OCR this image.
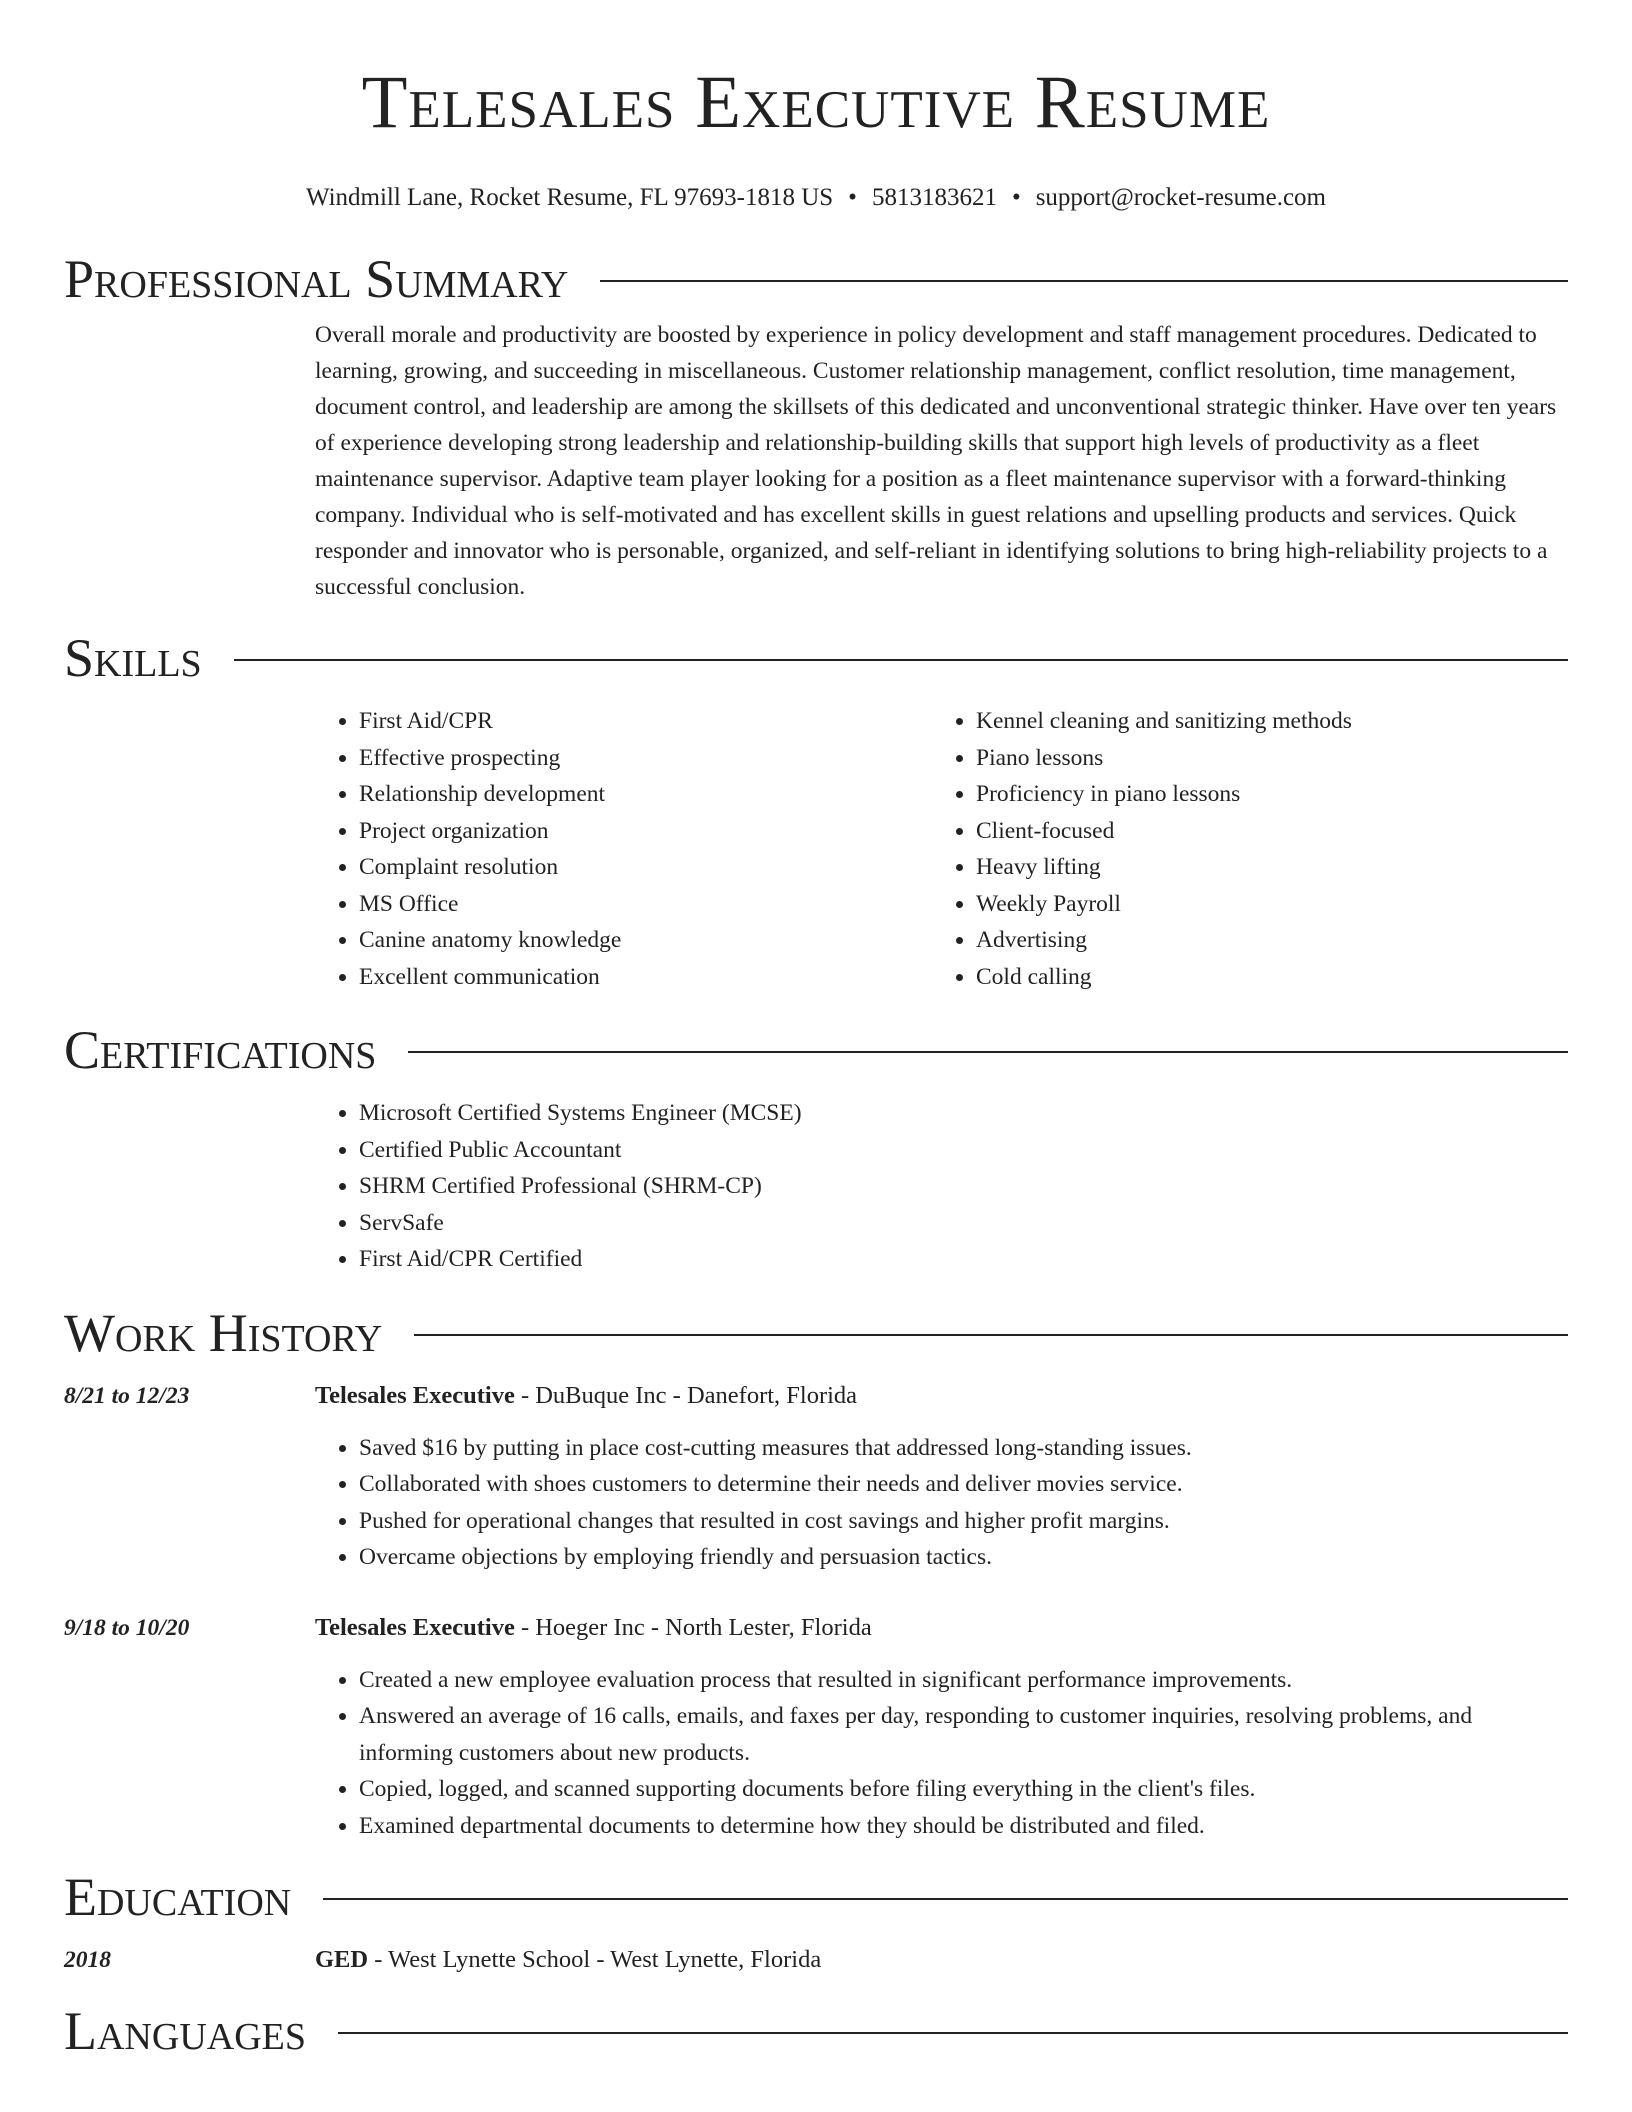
Telesales Executive Resume
Windmill Lane, Rocket Resume, FL 97693-1818 US • 5813183621 • support@rocket-resume.com
Professional Summary

Overall morale and productivity are boosted by experience in policy development and staff management procedures. Dedicated to learning, growing, and succeeding in miscellaneous. Customer relationship management, conflict resolution, time management, document control, and leadership are among the skillsets of this dedicated and unconventional strategic thinker. Have over ten years of experience developing strong leadership and relationship-building skills that support high levels of productivity as a fleet maintenance supervisor. Adaptive team player looking for a position as a fleet maintenance supervisor with a forward-thinking company. Individual who is self-motivated and has excellent skills in guest relations and upselling products and services. Quick responder and innovator who is personable, organized, and self-reliant in identifying solutions to bring high-reliability projects to a successful conclusion.

Skills
• First Aid/CPR
• Effective prospecting
• Relationship development
• Project organization
• Complaint resolution
• MS Office
• Canine anatomy knowledge
• Excellent communication
• Kennel cleaning and sanitizing methods
• Piano lessons
• Proficiency in piano lessons
• Client-focused
• Heavy lifting
• Weekly Payroll
• Advertising
• Cold calling
Certifications
• Microsoft Certified Systems Engineer (MCSE)
• Certified Public Accountant
• SHRM Certified Professional (SHRM-CP)
• ServSafe
• First Aid/CPR Certified
Work History
8/21 to 12/23	Telesales Executive - DuBuque Inc - Danefort, Florida
• Saved $16 by putting in place cost-cutting measures that addressed long-standing issues.
• Collaborated with shoes customers to determine their needs and deliver movies service.
• Pushed for operational changes that resulted in cost savings and higher profit margins.
• Overcame objections by employing friendly and persuasion tactics.
9/18 to 10/20	Telesales Executive - Hoeger Inc - North Lester, Florida
• Created a new employee evaluation process that resulted in significant performance improvements.
• Answered an average of 16 calls, emails, and faxes per day, responding to customer inquiries, resolving problems, and informing customers about new products.
• Copied, logged, and scanned supporting documents before filing everything in the client's files.
• Examined departmental documents to determine how they should be distributed and filed.
Education
2018	GED - West Lynette School - West Lynette, Florida
Languages
